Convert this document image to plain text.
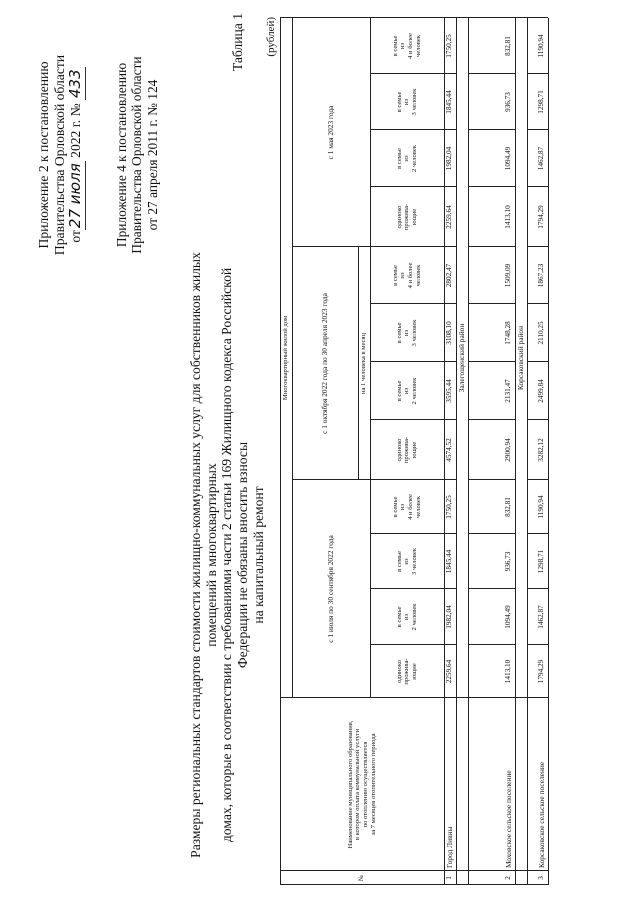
Приложение 2 к постановлению Правительства Орловской области от27 июля 2022 г. № 433 Приложение 4 к постановлению Правительства Орловской области от 27 апреля 2011 г. № 124
Таблица 1
Размеры региональных стандартов стоимости жилищно-коммунальных услуг для собственников жилых помещений в многоквартирных домах, которые в соответствии с требованиями части 2 статьи 169 Жилищного кодекса Российской Федерации не обязаны вносить взносы на капитальный ремонт
(рублей)
№
Наименование муниципального образования, в котором оплата коммунальной услуги по отоплению осуществляется за 7 месяцев отопительного периода
Многоквартирный жилой дом	на 1 человека в месяц
с 1 июля по 30 сентября 2022 года
с 1 октября 2022 года по 30 апреля 2023 года
с 1 мая 2023 года
одиноко прожива- ющие
в семье из 2 человек
в семье из 3 человек
в семье из 4 и более человек
одиноко прожива- ющие
в семье из 2 человек
в семье из 3 человек
в семье из 4 и более человек
одиноко прожива- ющие
в семье из 2 человек
в семье из 3 человек
в семье из 4 и более человек
1
Город Ливны
2259,64
1982,04
1845,44
1750,25
4574,52
3595,44
3108,10
2802,47
2259,64
1982,04
1845,44
1750,25
Залегощенский район
2
Моховское сельское поселение
1413,10
1094,49
936,73
832,81
2900,94
2131,47
1748,28
1509,09
1413,10
1094,49
936,73
832,81
Корсаковский район
3
Корсаковское сельское поселение
1794,29
1462,87
1298,71
1190,94
3282,12
2499,84
2110,25
1867,23
1794,29
1462,87
1298,71
1190,94
